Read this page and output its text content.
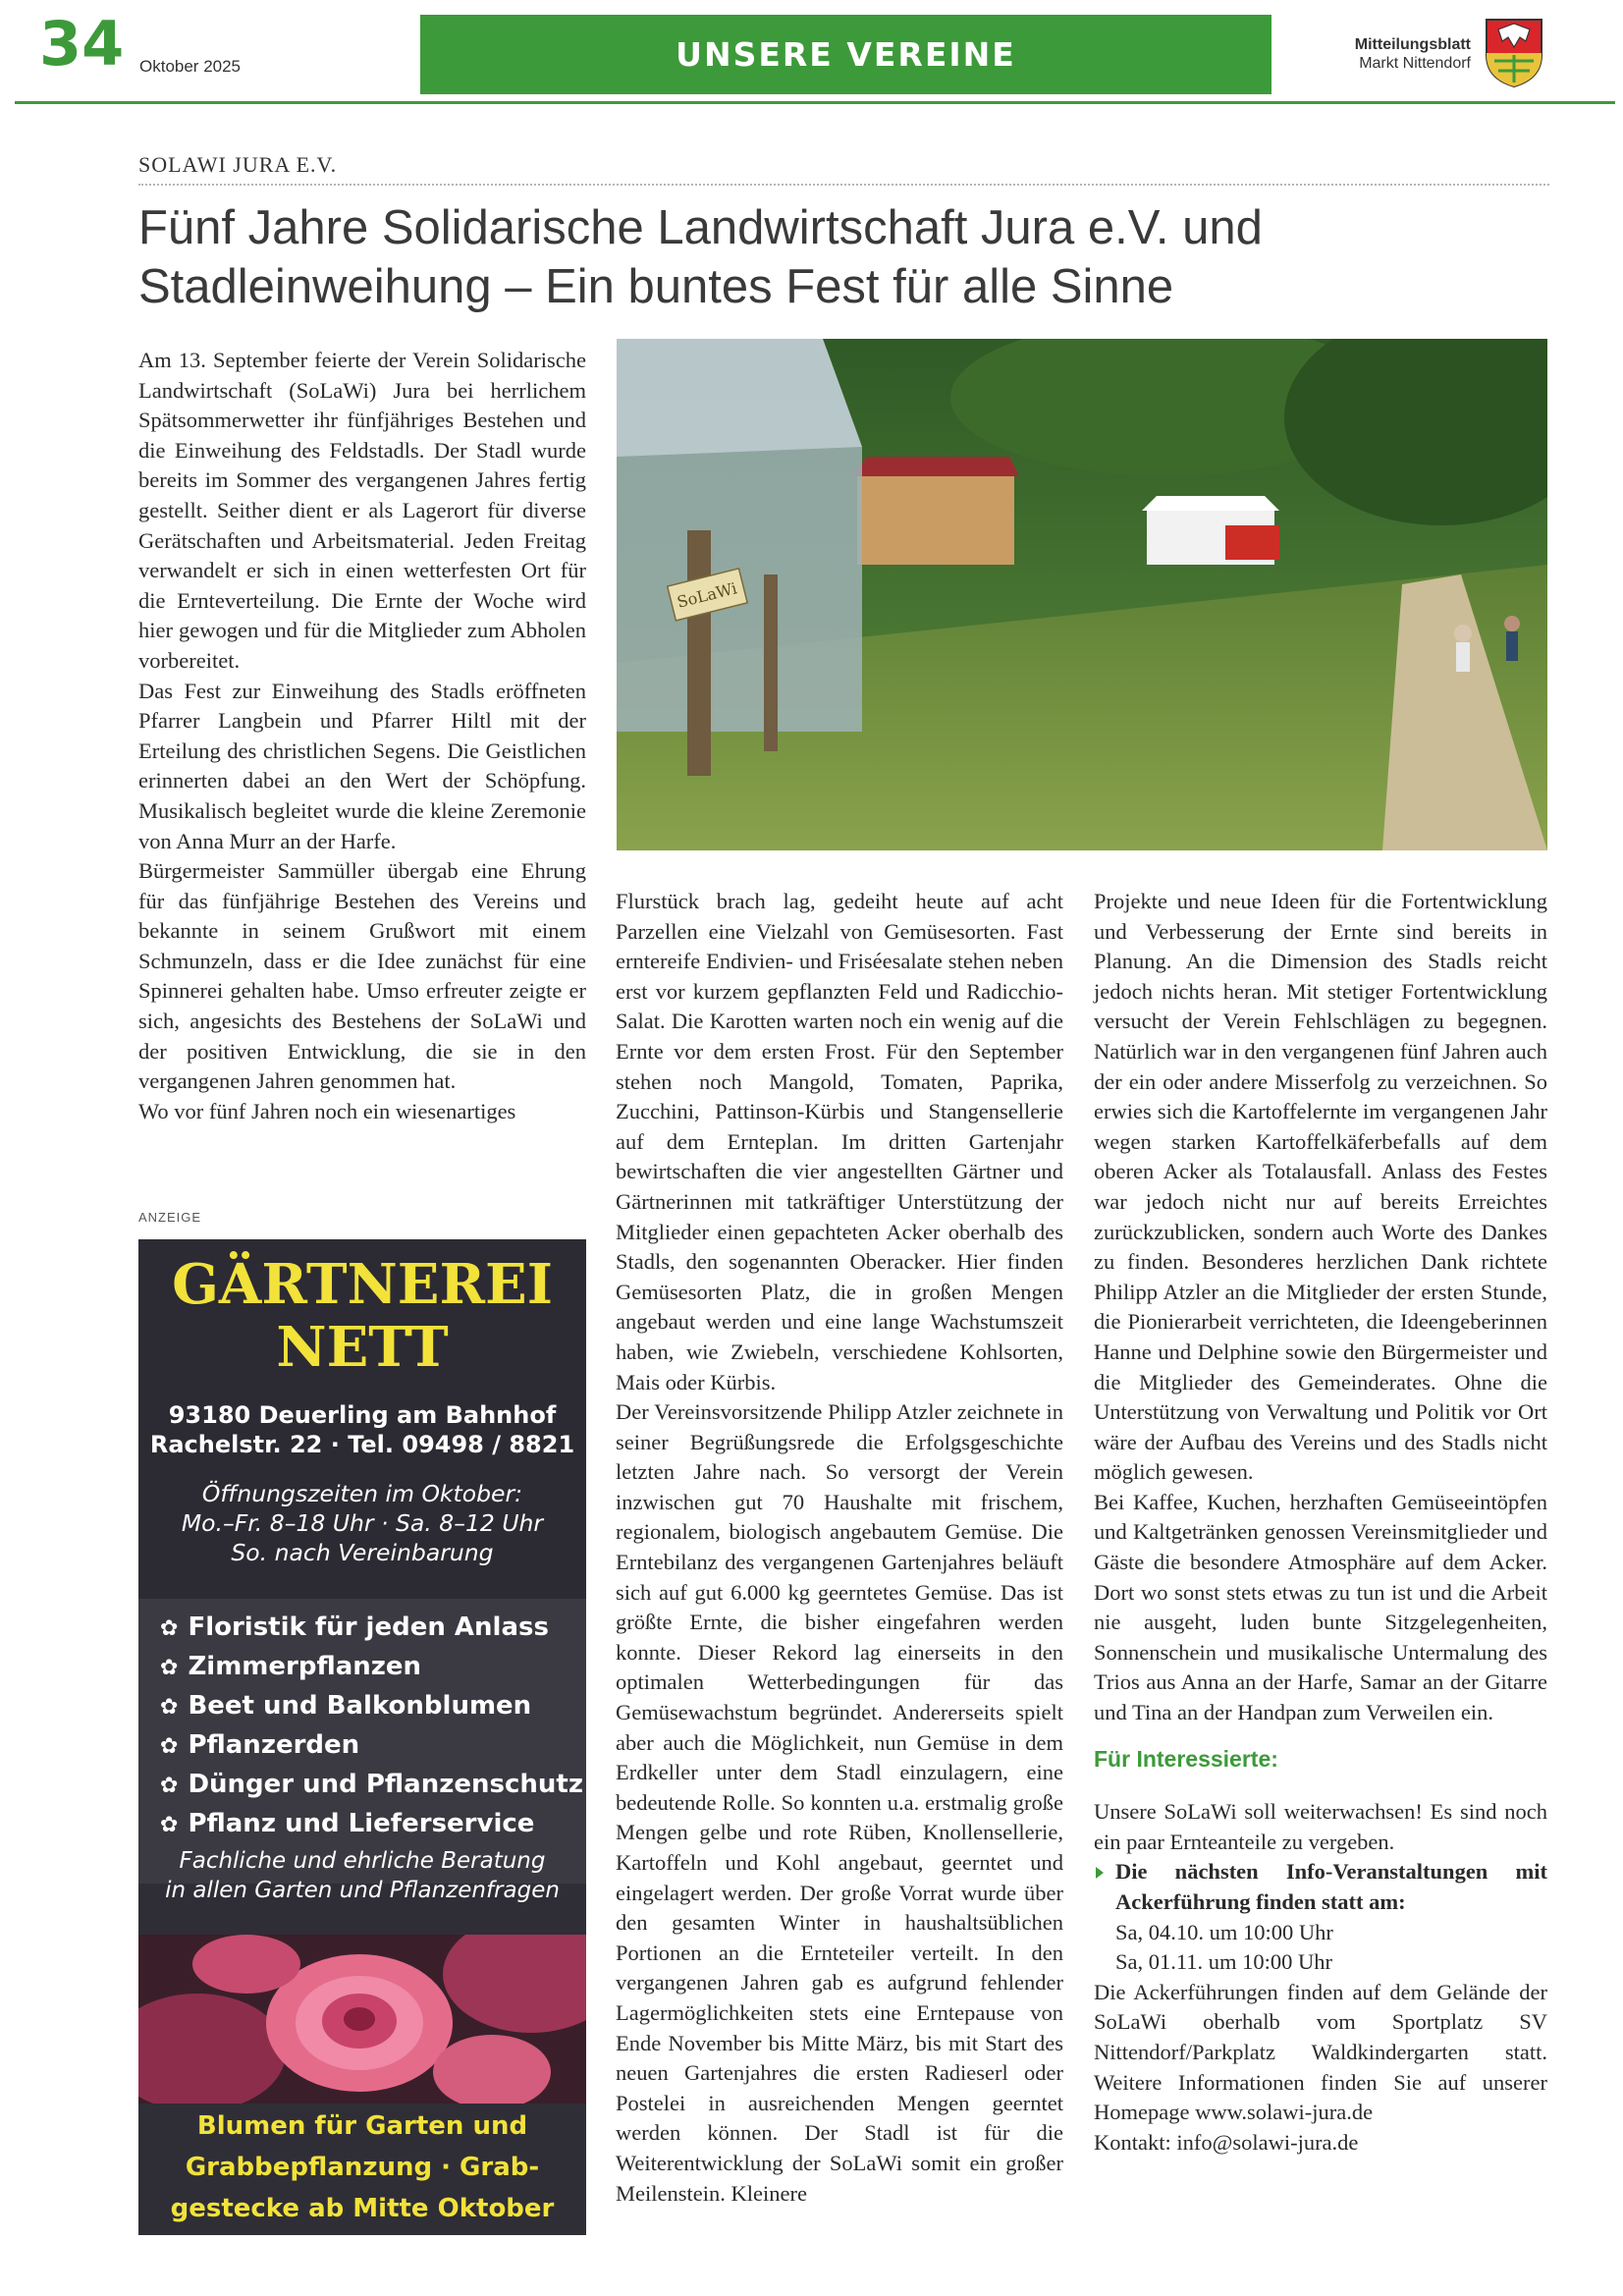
34 Oktober 2025	UNSERE VEREINE	Mitteilungsblatt
Markt Nittendorf
SOLAWI JURA E.V.
Fünf Jahre Solidarische Landwirtschaft Jura e.V. und Stadleinweihung – Ein buntes Fest für alle Sinne

Am 13. September feierte der Verein Solidarische Landwirtschaft (SoLaWi) Jura bei herrlichem Spätsommerwetter ihr fünfjähriges Bestehen und die Einweihung des Feldstadls. Der Stadl wurde bereits im Sommer des vergangenen Jahres fertig gestellt. Seither dient er als Lagerort für diverse Gerätschaften und Arbeitsmaterial. Jeden Freitag verwandelt er sich in einen wetterfesten Ort für die Ernteverteilung. Die Ernte der Woche wird hier gewogen und für die Mitglieder zum Abholen vorbereitet.

Das Fest zur Einweihung des Stadls eröffneten Pfarrer Langbein und Pfarrer Hiltl mit der Erteilung des christlichen Segens. Die Geistlichen erinnerten dabei an den Wert der Schöpfung. Musikalisch begleitet wurde die kleine Zeremonie von Anna Murr an der Harfe.

Bürgermeister Sammüller übergab eine Ehrung für das fünfjährige Bestehen des Vereins und bekannte in seinem Grußwort mit einem Schmunzeln, dass er die Idee zunächst für eine Spinnerei gehalten habe. Umso erfreuter zeigte er sich, angesichts des Bestehens der SoLaWi und der positiven Entwicklung, die sie in den vergangenen Jahren genommen hat.

Wo vor fünf Jahren noch ein wiesenartiges

SoLaWi

Flurstück brach lag, gedeiht heute auf acht Parzellen eine Vielzahl von Gemüsesorten. Fast erntereife Endivien- und Friséesalate stehen neben erst vor kurzem gepflanzten Feld und Radicchio-Salat. Die Karotten warten noch ein wenig auf die Ernte vor dem ersten Frost. Für den September stehen noch Mangold, Tomaten, Paprika, Zucchini, Pattinson-Kürbis und Stangensellerie auf dem Ernteplan. Im dritten Gartenjahr bewirtschaften die vier angestellten Gärtner und Gärtnerinnen mit tatkräftiger Unterstützung der Mitglieder einen gepachteten Acker oberhalb des Stadls, den sogenannten Oberacker. Hier finden Gemüsesorten Platz, die in großen Mengen angebaut werden und eine lange Wachstumszeit haben, wie Zwiebeln, verschiedene Kohlsorten, Mais oder Kürbis.

Der Vereinsvorsitzende Philipp Atzler zeichnete in seiner Begrüßungsrede die Erfolgsgeschichte letzten Jahre nach. So versorgt der Verein inzwischen gut 70 Haushalte mit frischem, regionalem, biologisch angebautem Gemüse. Die Erntebilanz des vergangenen Gartenjahres beläuft sich auf gut 6.000 kg geerntetes Gemüse. Das ist größte Ernte, die bisher eingefahren werden konnte. Dieser Rekord lag einerseits in den optimalen Wetterbedingungen für das Gemüsewachstum begründet. Andererseits spielt aber auch die Möglichkeit, nun Gemüse in dem Erdkeller unter dem Stadl einzulagern, eine bedeutende Rolle. So konnten u.a. erstmalig große Mengen gelbe und rote Rüben, Knollensellerie, Kartoffeln und Kohl angebaut, geerntet und eingelagert werden. Der große Vorrat wurde über den gesamten Winter in haushaltsüblichen Portionen an die Ernteteiler verteilt. In den vergangenen Jahren gab es aufgrund fehlender Lagermöglichkeiten stets eine Erntepause von Ende November bis Mitte März, bis mit Start des neuen Gartenjahres die ersten Radieserl oder Postelei in ausreichenden Mengen geerntet werden können. Der Stadl ist für die Weiterentwicklung der SoLaWi somit ein großer Meilenstein. Kleinere

Projekte und neue Ideen für die Fortentwicklung und Verbesserung der Ernte sind bereits in Planung. An die Dimension des Stadls reicht jedoch nichts heran. Mit stetiger Fortentwicklung versucht der Verein Fehlschlägen zu begegnen. Natürlich war in den vergangenen fünf Jahren auch der ein oder andere Misserfolg zu verzeichnen. So erwies sich die Kartoffelernte im vergangenen Jahr wegen starken Kartoffelkäferbefalls auf dem oberen Acker als Totalausfall. Anlass des Festes war jedoch nicht nur auf bereits Erreichtes zurückzublicken, sondern auch Worte des Dankes zu finden. Besonderes herzlichen Dank richtete Philipp Atzler an die Mitglieder der ersten Stunde, die Pionierarbeit verrichteten, die Ideengeberinnen Hanne und Delphine sowie den Bürgermeister und die Mitglieder des Gemeinderates. Ohne die Unterstützung von Verwaltung und Politik vor Ort wäre der Aufbau des Vereins und des Stadls nicht möglich gewesen.

Bei Kaffee, Kuchen, herzhaften Gemüseeintöpfen und Kaltgetränken genossen Vereinsmitglieder und Gäste die besondere Atmosphäre auf dem Acker. Dort wo sonst stets etwas zu tun ist und die Arbeit nie ausgeht, luden bunte Sitzgelegenheiten, Sonnenschein und musikalische Untermalung des Trios aus Anna an der Harfe, Samar an der Gitarre und Tina an der Handpan zum Verweilen ein.

Für Interessierte:

Unsere SoLaWi soll weiterwachsen! Es sind noch ein paar Ernteanteile zu vergeben.

Die nächsten Info-Veranstaltungen mit Ackerführung finden statt am:

Sa, 04.10. um 10:00 Uhr

Sa, 01.11. um 10:00 Uhr

Die Ackerführungen finden auf dem Gelände der SoLaWi oberhalb vom Sportplatz SV Nittendorf/Parkplatz Waldkindergarten statt. Weitere Informationen finden Sie auf unserer Homepage www.solawi-jura.de

Kontakt: info@solawi-jura.de

ANZEIGE
GÄRTNEREI
NETT
93180 Deuerling am Bahnhof
Rachelstr. 22 · Tel. 09498 / 8821
Öffnungszeiten im Oktober:
Mo.–Fr. 8–18 Uhr · Sa. 8–12 Uhr
So. nach Vereinbarung
✿ Floristik für jeden Anlass
✿ Zimmerpflanzen
✿ Beet und Balkonblumen
✿ Pflanzerden
✿ Dünger und Pflanzenschutz
✿ Pflanz und Lieferservice
Fachliche und ehrliche Beratung
in allen Garten und Pflanzenfragen
Blumen für Garten und
Grabbepflanzung · Grab-
gestecke ab Mitte Oktober
